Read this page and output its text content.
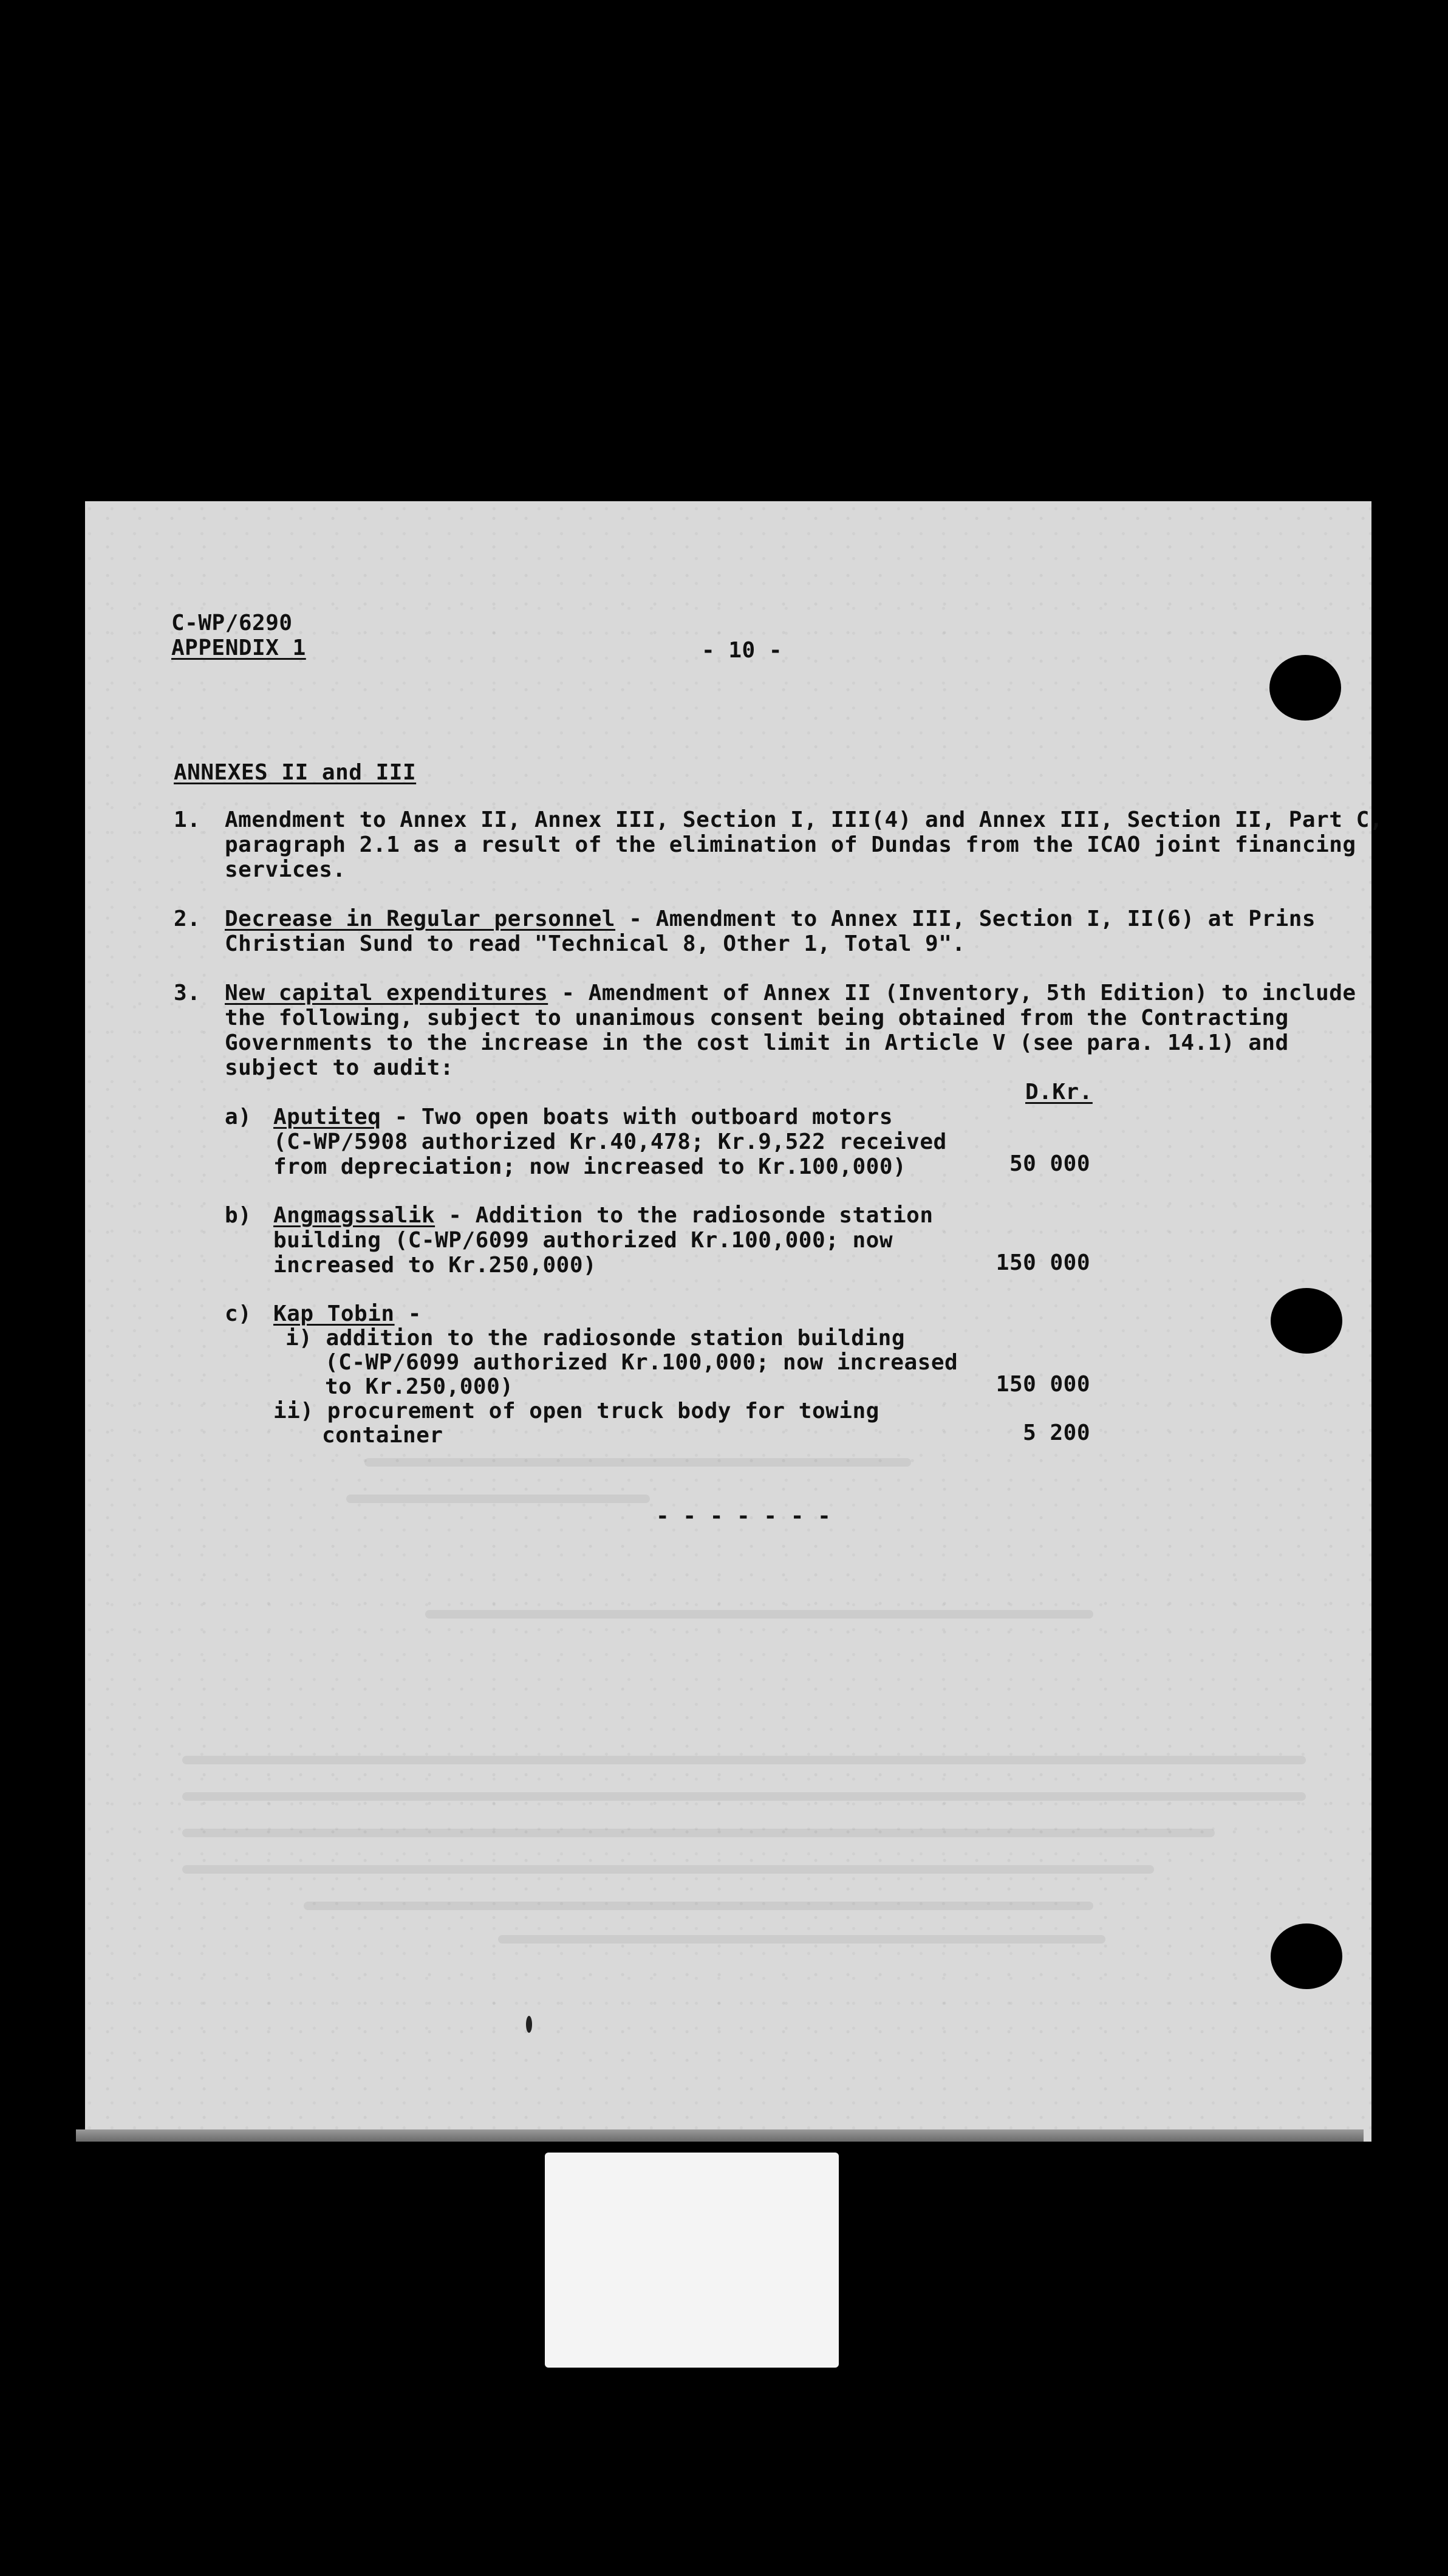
C-WP/6290
APPENDIX 1	- 10 -
ANNEXES II and III
1. Amendment to Annex II, Annex III, Section I, III(4) and Annex III, Section II, Part C,
paragraph 2.1 as a result of the elimination of Dundas from the ICAO joint financing
services.
2. Decrease in Regular personnel - Amendment to Annex III, Section I, II(6) at Prins
Christian Sund to read "Technical 8, Other 1, Total 9".
3. New capital expenditures - Amendment of Annex II (Inventory, 5th Edition) to include
the following, subject to unanimous consent being obtained from the Contracting
Governments to the increase in the cost limit in Article V (see para. 14.1) and
subject to audit:
D.Kr.
a) Aputiteq - Two open boats with outboard motors
(C-WP/5908 authorized Kr.40,478; Kr.9,522 received
from depreciation; now increased to Kr.100,000)	50 000
b) Angmagssalik - Addition to the radiosonde station
building (C-WP/6099 authorized Kr.100,000; now
increased to Kr.250,000)	150 000
c) Kap Tobin -
i) addition to the radiosonde station building
(C-WP/6099 authorized Kr.100,000; now increased
to Kr.250,000)	150 000
ii) procurement of open truck body for towing
container	5 200
- - - - - - -
